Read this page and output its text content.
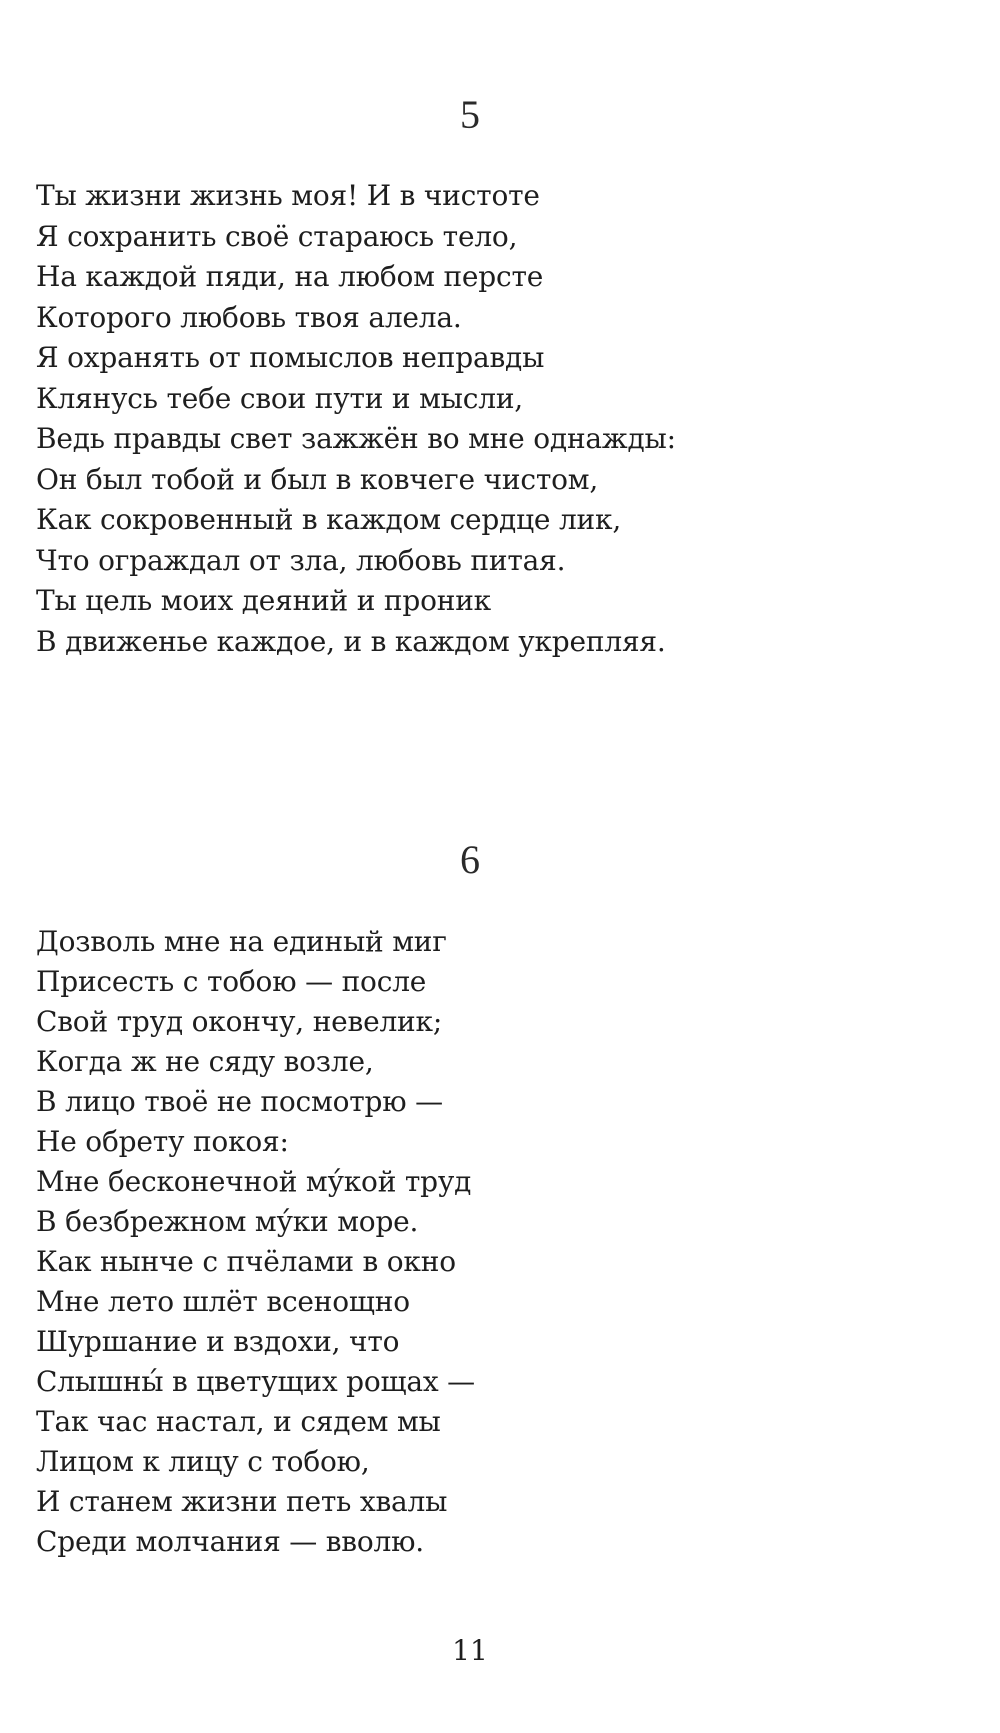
5
Ты жизни жизнь моя! И в чистоте
Я сохранить своё стараюсь тело,
На каждой пяди, на любом персте
Которого любовь твоя алела.
Я охранять от помыслов неправды
Клянусь тебе свои пути и мысли,
Ведь правды свет зажжён во мне однажды:
Он был тобой и был в ковчеге чистом,
Как сокровенный в каждом сердце лик,
Что ограждал от зла, любовь питая.
Ты цель моих деяний и проник
В движенье каждое, и в каждом укрепляя.
6
Дозволь мне на единый миг
Присесть с тобою — после
Свой труд окончу, невелик;
Когда ж не сяду возле,
В лицо твоё не посмотрю —
Не обрету покоя:
Мне бесконечной му́кой труд
В безбрежном му́ки море.
Как нынче с пчёлами в окно
Мне лето шлёт всенощно
Шуршание и вздохи, что
Слышны́ в цветущих рощах —
Так час настал, и сядем мы
Лицом к лицу с тобою,
И станем жизни петь хвалы
Среди молчания — вволю.
11
